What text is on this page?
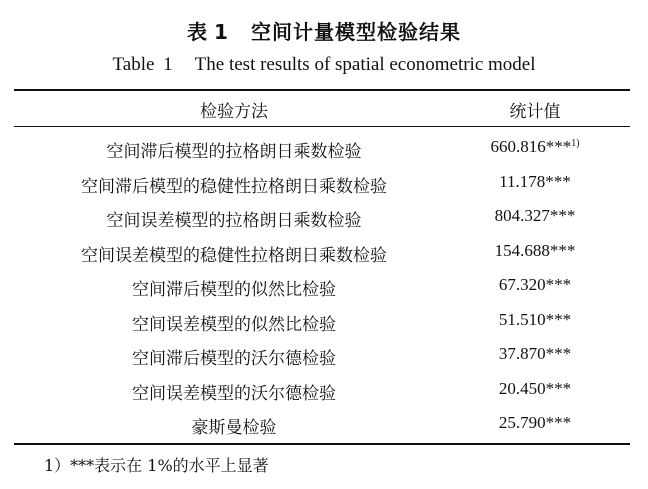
表 1 空间计量模型检验结果
Table 1 The test results of spatial econometric model
检验方法	统计值
空间滞后模型的拉格朗日乘数检验	660.816***$^{1)}$
空间滞后模型的稳健性拉格朗日乘数检验	11.178***
空间误差模型的拉格朗日乘数检验	804.327***
空间误差模型的稳健性拉格朗日乘数检验	154.688***
空间滞后模型的似然比检验	67.320***
空间误差模型的似然比检验	51.510***
空间滞后模型的沃尔德检验	37.870***
空间误差模型的沃尔德检验	20.450***
豪斯曼检验	25.790***
1）***表示在 1%的水平上显著
